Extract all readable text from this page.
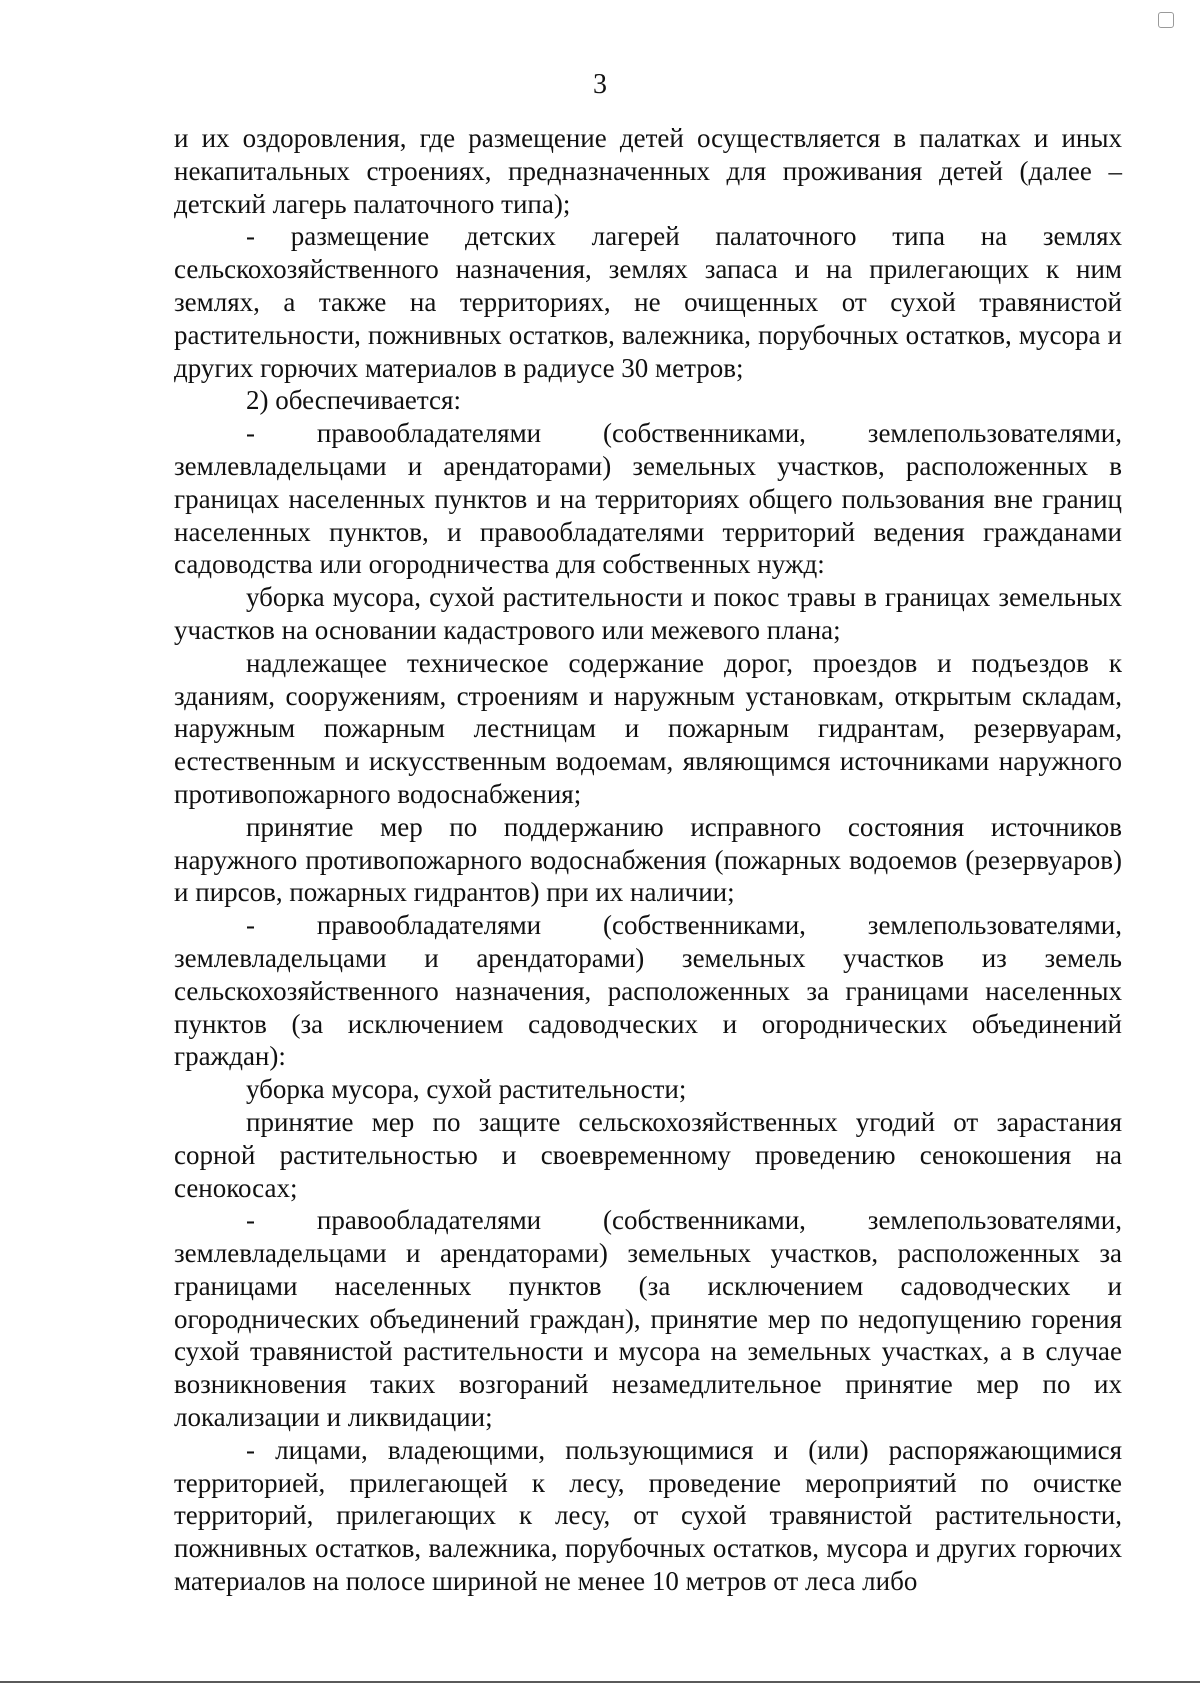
3

и их оздоровления, где размещение детей осуществляется в палатках и иных некапитальных строениях, предназначенных для проживания детей (далее – детский лагерь палаточного типа);

- размещение детских лагерей палаточного типа на землях сельскохозяйственного назначения, землях запаса и на прилегающих к ним землях, а также на территориях, не очищенных от сухой травянистой растительности, пожнивных остатков, валежника, порубочных остатков, мусора и других горючих материалов в радиусе 30 метров;

2) обеспечивается:

- правообладателями (собственниками, землепользователями, землевладельцами и арендаторами) земельных участков, расположенных в границах населенных пунктов и на территориях общего пользования вне границ населенных пунктов, и правообладателями территорий ведения гражданами садоводства или огородничества для собственных нужд:

уборка мусора, сухой растительности и покос травы в границах земельных участков на основании кадастрового или межевого плана;

надлежащее техническое содержание дорог, проездов и подъездов к зданиям, сооружениям, строениям и наружным установкам, открытым складам, наружным пожарным лестницам и пожарным гидрантам, резервуарам, естественным и искусственным водоемам, являющимся источниками наружного противопожарного водоснабжения;

принятие мер по поддержанию исправного состояния источников наружного противопожарного водоснабжения (пожарных водоемов (резервуаров) и пирсов, пожарных гидрантов) при их наличии;

- правообладателями (собственниками, землепользователями, землевладельцами и арендаторами) земельных участков из земель сельскохозяйственного назначения, расположенных за границами населенных пунктов (за исключением садоводческих и огороднических объединений граждан):

уборка мусора, сухой растительности;

принятие мер по защите сельскохозяйственных угодий от зарастания сорной растительностью и своевременному проведению сенокошения на сенокосах;

- правообладателями (собственниками, землепользователями, землевладельцами и арендаторами) земельных участков, расположенных за границами населенных пунктов (за исключением садоводческих и огороднических объединений граждан), принятие мер по недопущению горения сухой травянистой растительности и мусора на земельных участках, а в случае возникновения таких возгораний незамедлительное принятие мер по их локализации и ликвидации;

- лицами, владеющими, пользующимися и (или) распоряжающимися территорией, прилегающей к лесу, проведение мероприятий по очистке территорий, прилегающих к лесу, от сухой травянистой растительности, пожнивных остатков, валежника, порубочных остатков, мусора и других горючих материалов на полосе шириной не менее 10 метров от леса либо
